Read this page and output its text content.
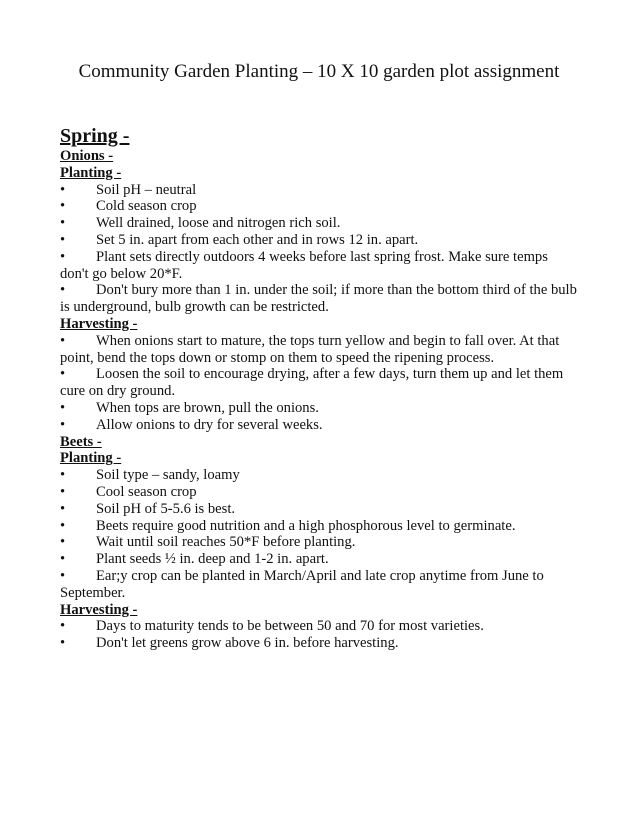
Community Garden Planting – 10 X 10 garden plot assignment
Spring -
Onions -
Planting -

• Soil pH – neutral

• Cold season crop

• Well drained, loose and nitrogen rich soil.

• Set 5 in. apart from each other and in rows 12 in. apart.

• Plant sets directly outdoors 4 weeks before last spring frost. Make sure temps don't go below 20*F.

• Don't bury more than 1 in. under the soil; if more than the bottom third of the bulb is underground, bulb growth can be restricted.

Harvesting -

• When onions start to mature, the tops turn yellow and begin to fall over. At that point, bend the tops down or stomp on them to speed the ripening process.

• Loosen the soil to encourage drying, after a few days, turn them up and let them cure on dry ground.

• When tops are brown, pull the onions.

• Allow onions to dry for several weeks.

Beets -
Planting -

• Soil type – sandy, loamy

• Cool season crop

• Soil pH of 5-5.6 is best.

• Beets require good nutrition and a high phosphorous level to germinate.

• Wait until soil reaches 50*F before planting.

• Plant seeds ½ in. deep and 1-2 in. apart.

• Ear;y crop can be planted in March/April and late crop anytime from June to September.

Harvesting -

• Days to maturity tends to be between 50 and 70 for most varieties.

• Don't let greens grow above 6 in. before harvesting.
